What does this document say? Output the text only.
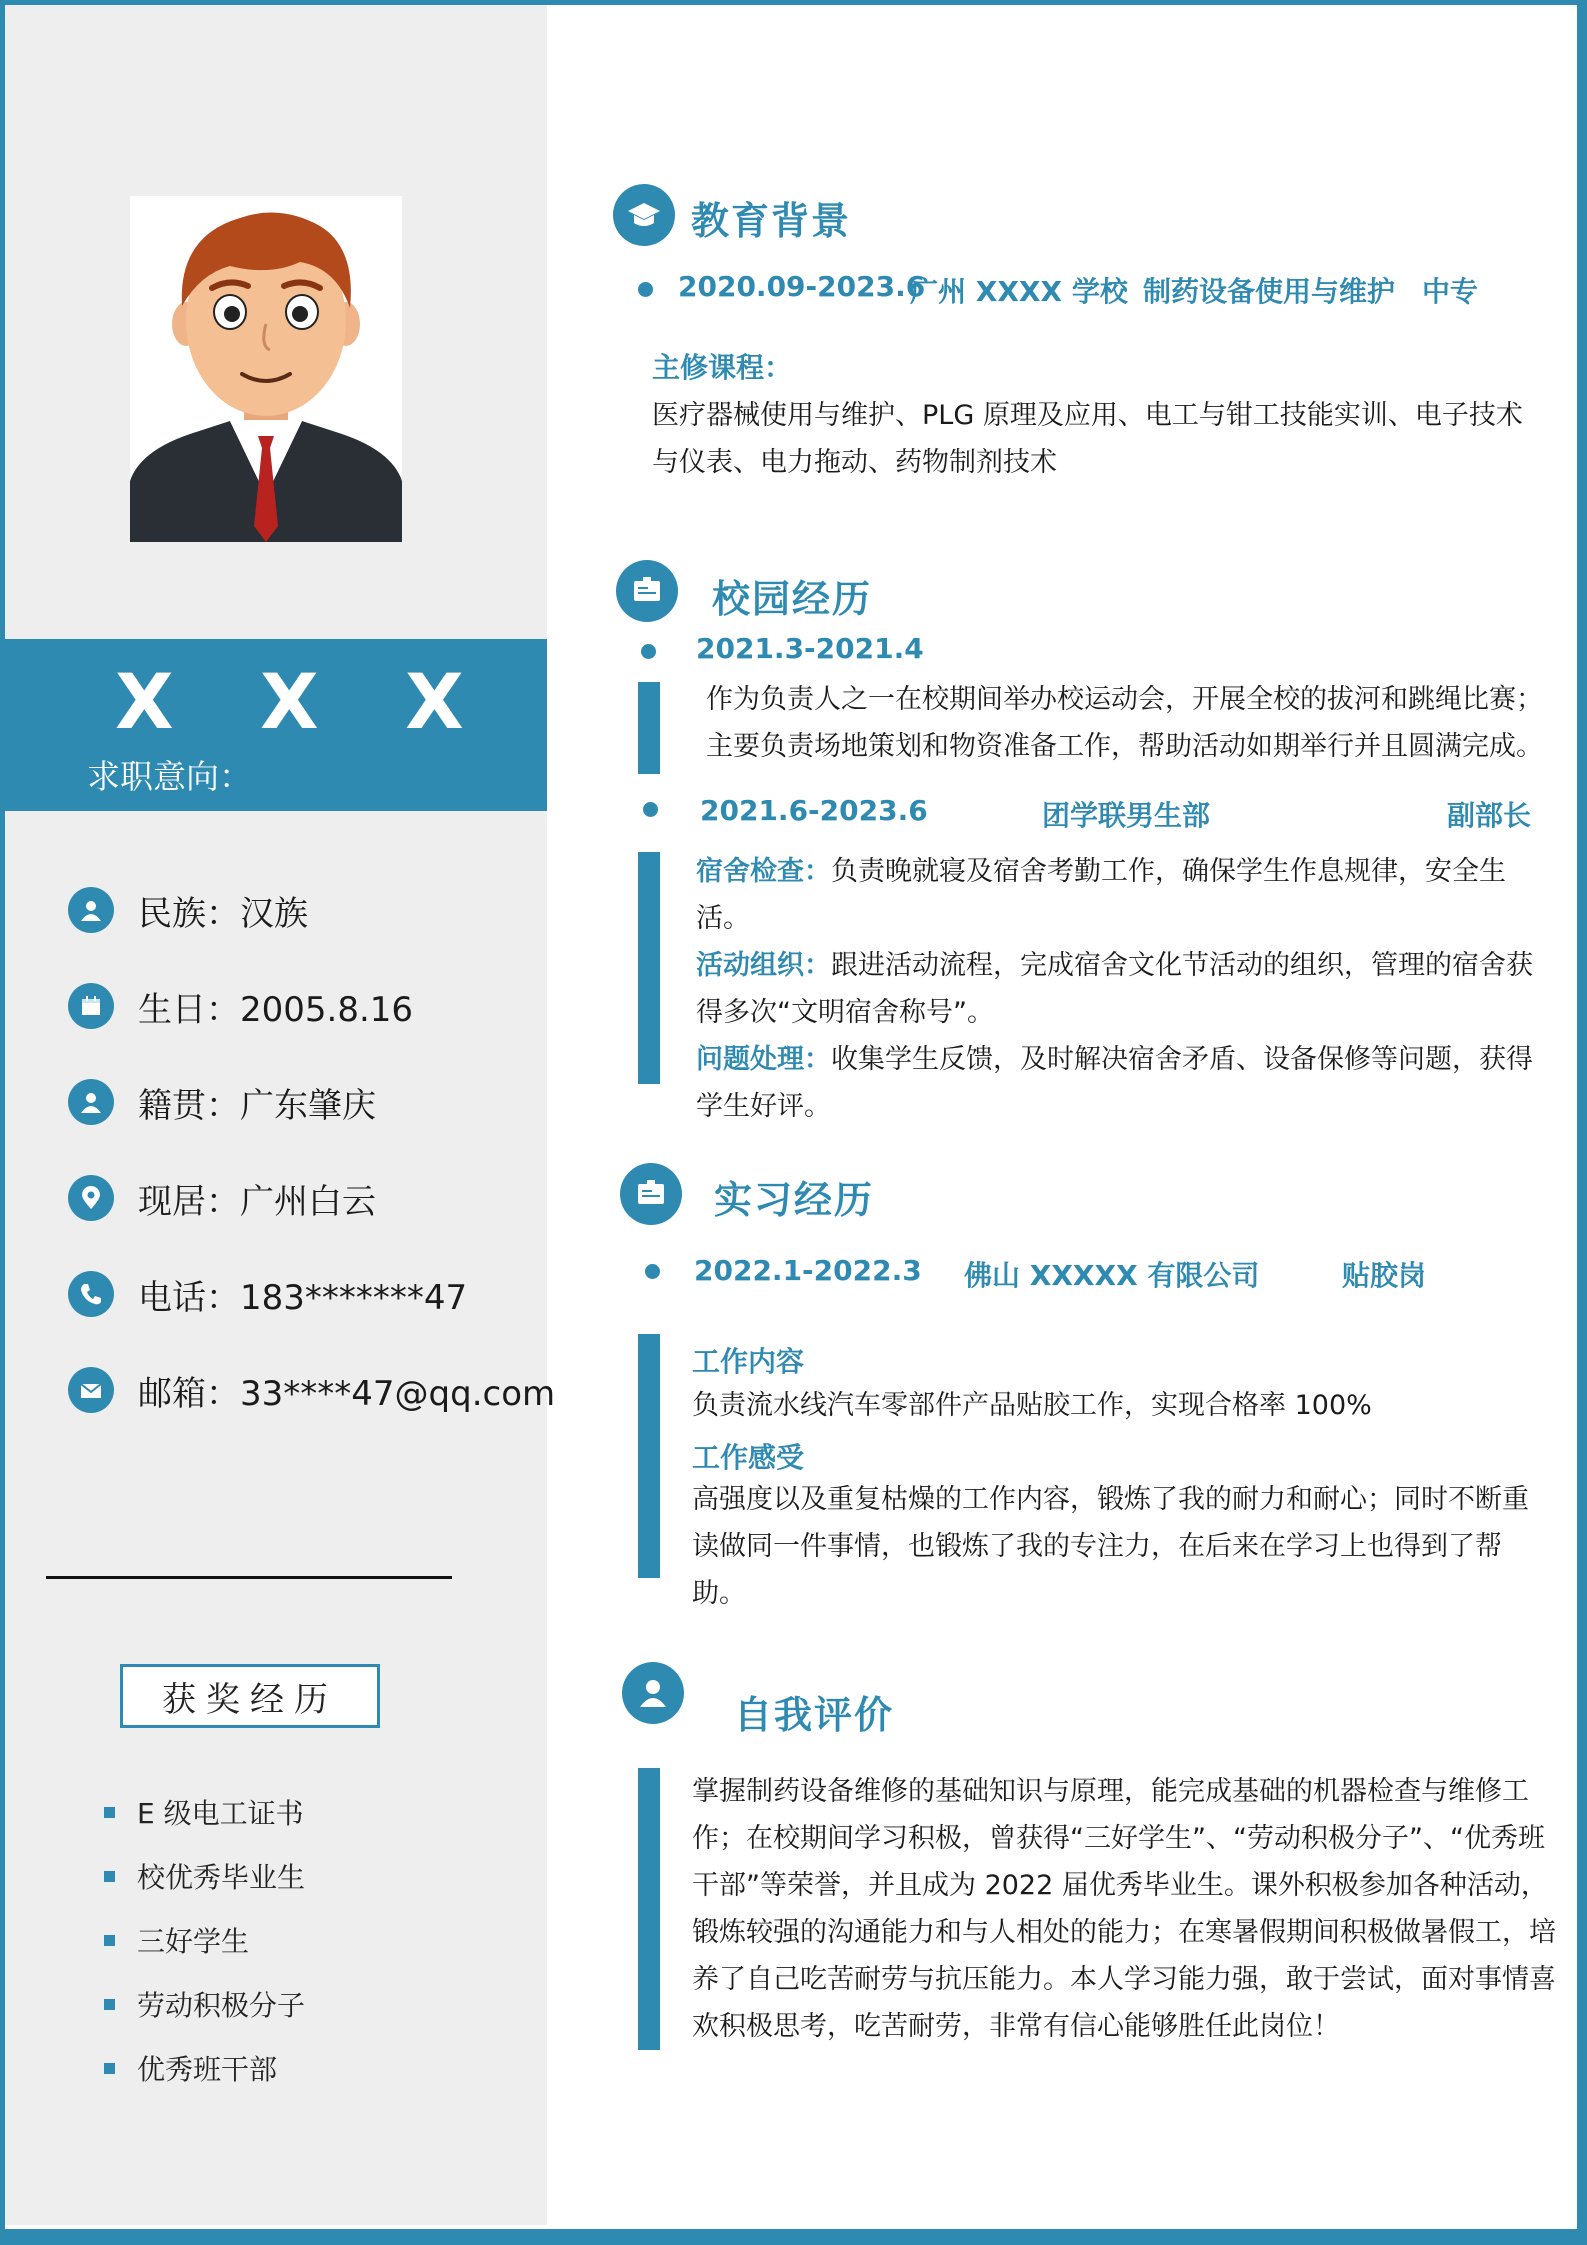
X X X
求职意向：
民族 ： 汉族
生日 ： 2005.8.16
籍贯 ： 广东肇庆
现居 ： 广州白云
电话 ： 183*******47
邮箱 ： 33****47@qq.com
获奖经历
E 级电工证书
校优秀毕业生
三好学生
劳动积极分子
优秀班干部
教育背景
2020.09-2023.6
广州 XXXX 学校 制药设备使用与维护 中专
主修课程：
医疗器械使用与维护、PLG 原理及应用、电工与钳工技能实训、电子技术与仪表、电力拖动、药物制剂技术
校园经历
2021.3-2021.4
作为负责人之一在校期间举办校运动会，开展全校的拔河和跳绳比赛；主要负责场地策划和物资准备工作，帮助活动如期举行并且圆满完成。
2021.6-2023.6	团学联男生部	副部长
宿舍检查：负责晚就寝及宿舍考勤工作，确保学生作息规律，安全生活。
活动组织：跟进活动流程，完成宿舍文化节活动的组织，管理的宿舍获得多次“文明宿舍称号”。
问题处理：收集学生反馈，及时解决宿舍矛盾、设备保修等问题，获得学生好评。
实习经历
2022.1-2022.3 佛山 XXXXX 有限公司	贴胶岗
工作内容
负责流水线汽车零部件产品贴胶工作，实现合格率 100%
工作感受
高强度以及重复枯燥的工作内容，锻炼了我的耐力和耐心；同时不断重读做同一件事情，也锻炼了我的专注力，在后来在学习上也得到了帮助。
自我评价
掌握制药设备维修的基础知识与原理，能完成基础的机器检查与维修工作；在校期间学习积极，曾获得“三好学生”、“劳动积极分子”、“优秀班干部”等荣誉，并且成为 2022 届优秀毕业生。课外积极参加各种活动，锻炼较强的沟通能力和与人相处的能力；在寒暑假期间积极做暑假工，培养了自己吃苦耐劳与抗压能力。本人学习能力强，敢于尝试，面对事情喜欢积极思考，吃苦耐劳，非常有信心能够胜任此岗位！
